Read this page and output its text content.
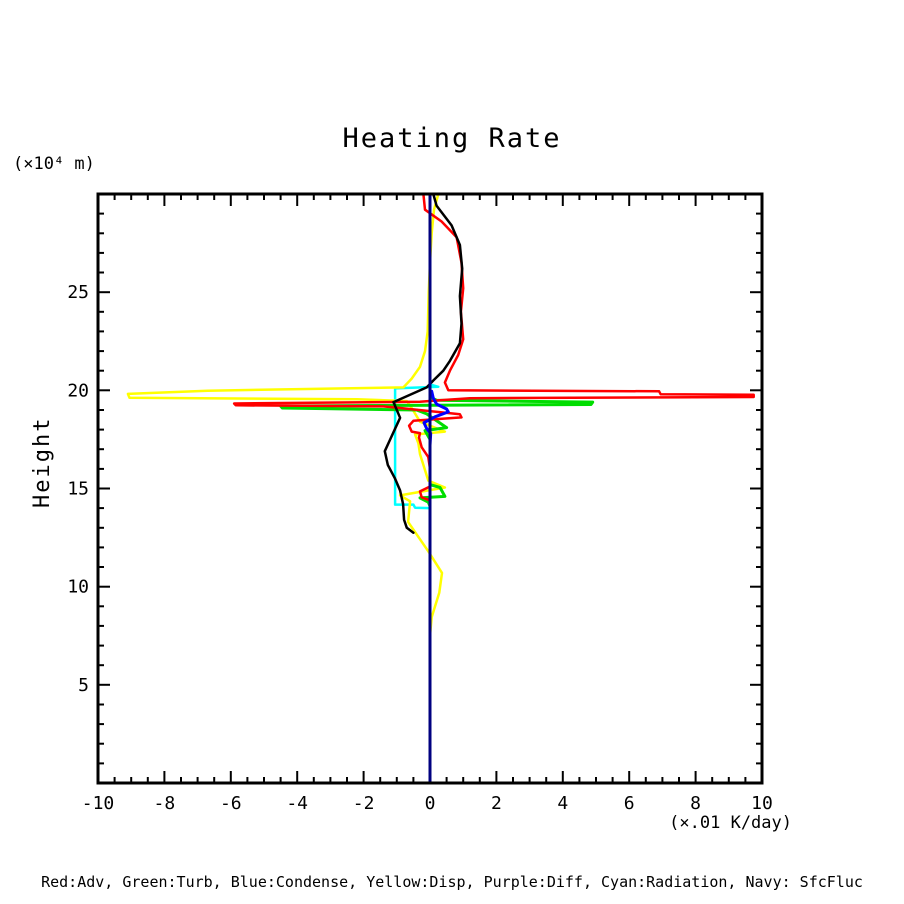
Heating Rate
(×10⁴ m)
Height
-10 -8 -6 -4 -2	0	2	4	6	8	10
5
10
15
20
25
(×.01 K/day)
Red:Adv, Green:Turb, Blue:Condense, Yellow:Disp, Purple:Diff, Cyan:Radiation, Navy: SfcFluc
